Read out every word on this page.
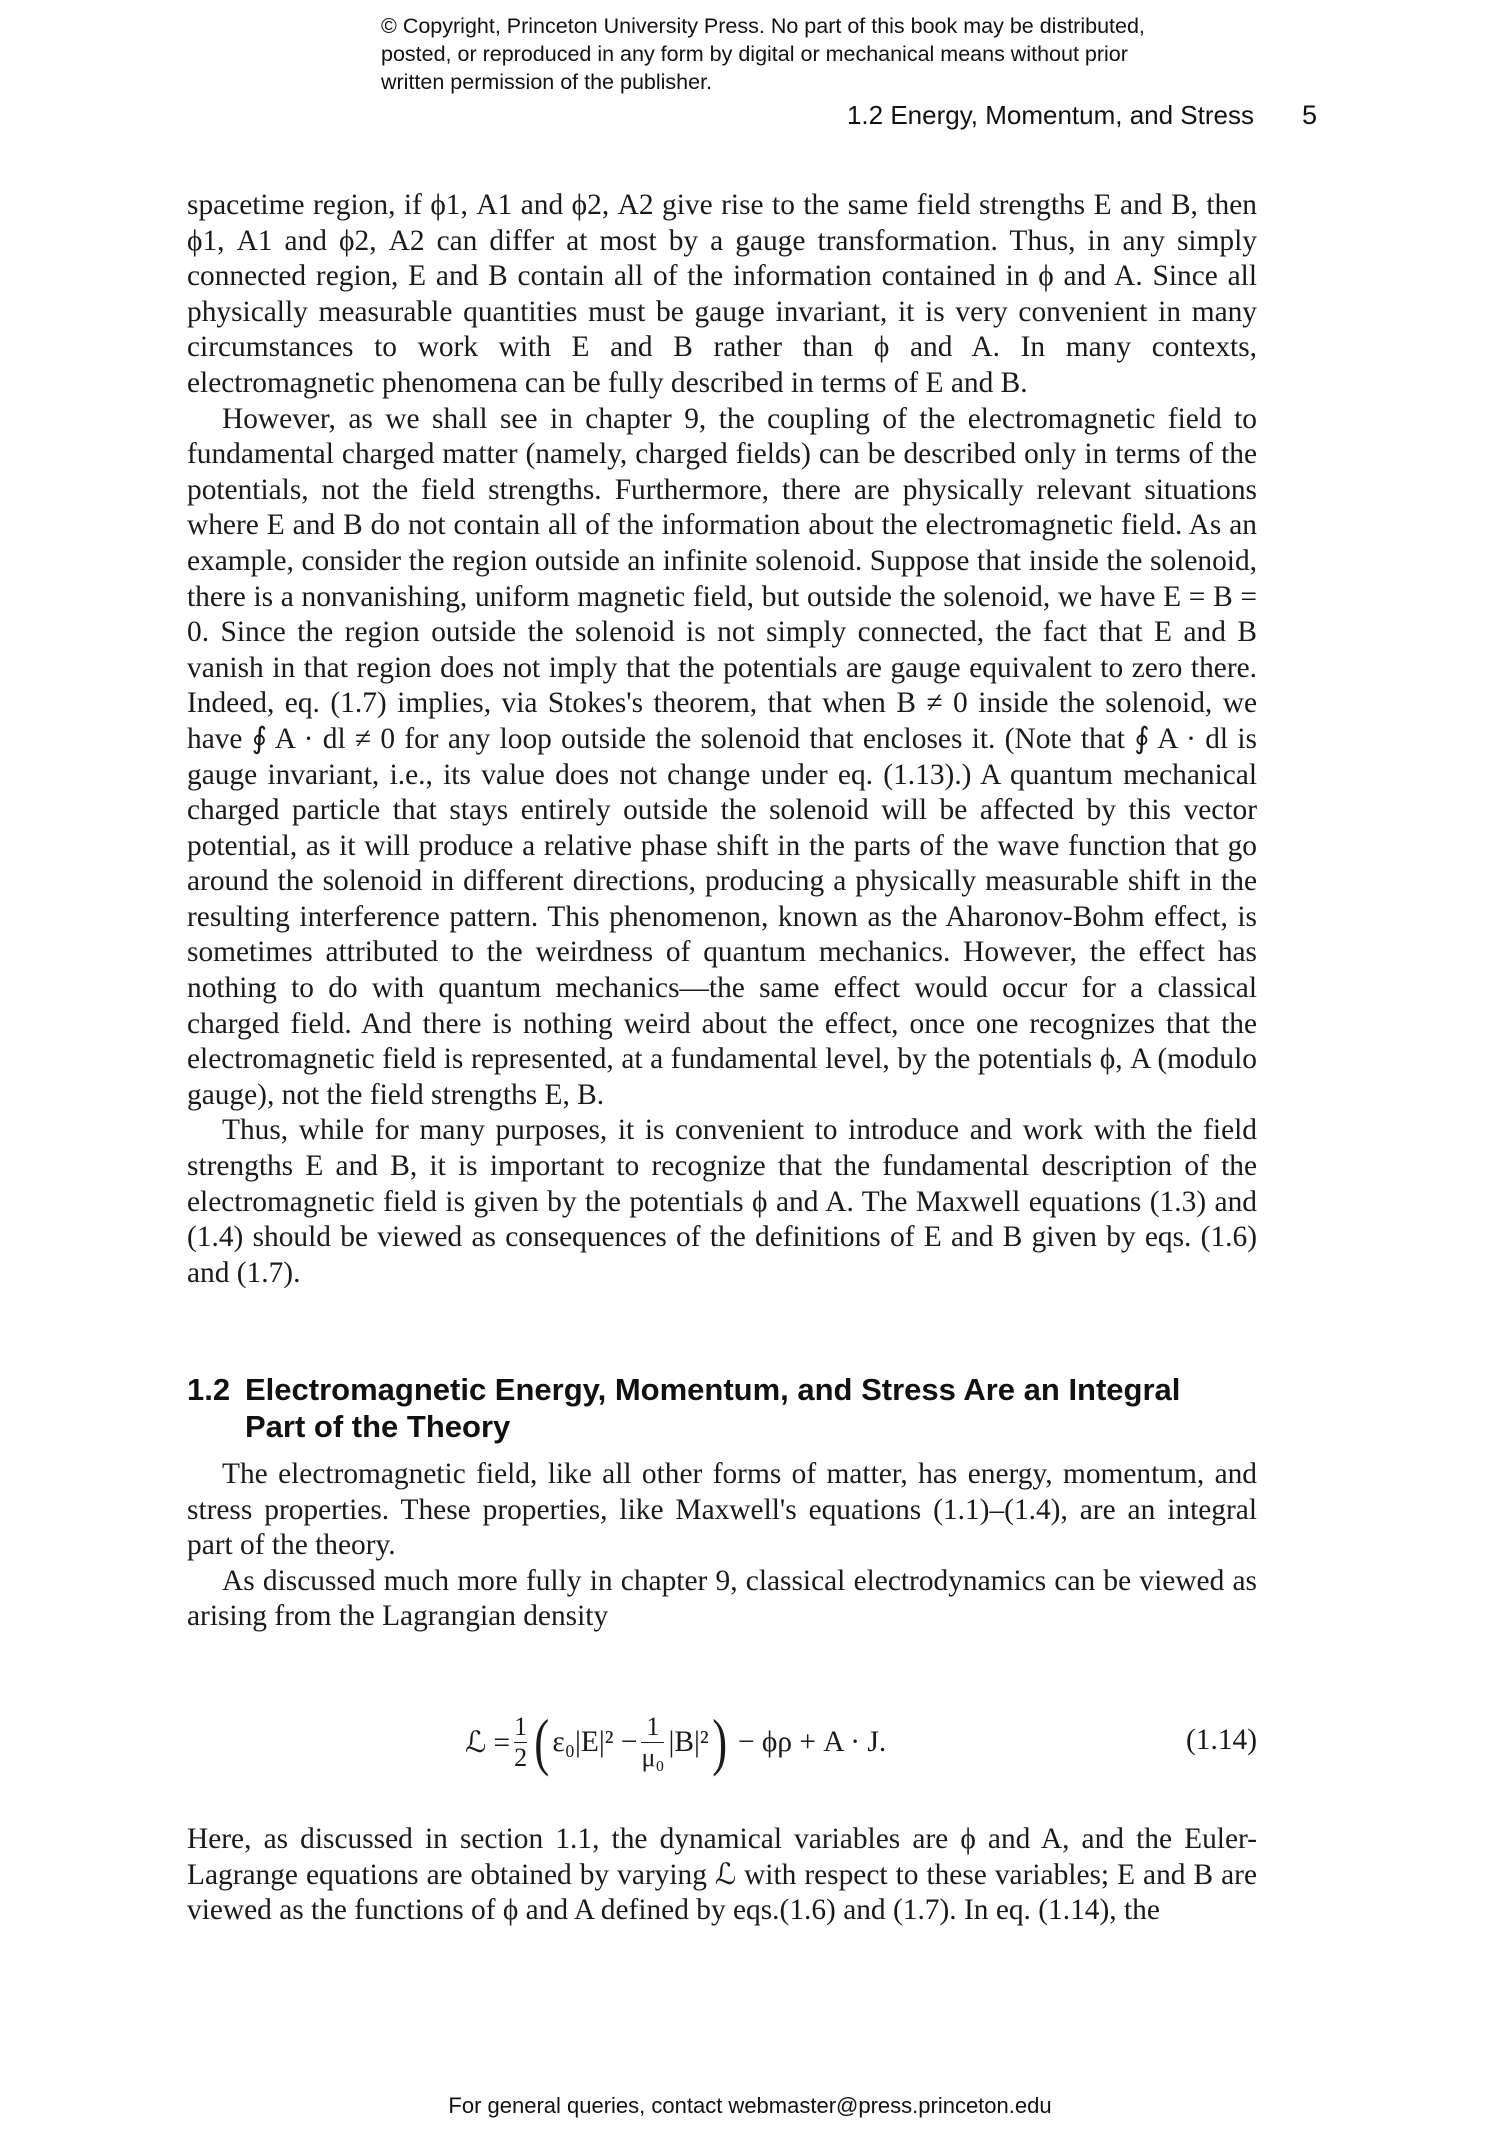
© Copyright, Princeton University Press. No part of this book may be distributed, posted, or reproduced in any form by digital or mechanical means without prior written permission of the publisher.
1.2 Energy, Momentum, and Stress 5

spacetime region, if ϕ1, A1 and ϕ2, A2 give rise to the same field strengths E and B, then ϕ1, A1 and ϕ2, A2 can differ at most by a gauge transformation. Thus, in any simply connected region, E and B contain all of the information contained in ϕ and A. Since all physically measurable quantities must be gauge invariant, it is very convenient in many circumstances to work with E and B rather than ϕ and A. In many contexts, electromagnetic phenomena can be fully described in terms of E and B.

However, as we shall see in chapter 9, the coupling of the electromagnetic field to fundamental charged matter (namely, charged fields) can be described only in terms of the potentials, not the field strengths. Furthermore, there are physically relevant situations where E and B do not contain all of the information about the electromagnetic field. As an example, consider the region outside an infinite solenoid. Suppose that inside the solenoid, there is a nonvanishing, uniform magnetic field, but outside the solenoid, we have E = B = 0. Since the region outside the solenoid is not simply connected, the fact that E and B vanish in that region does not imply that the potentials are gauge equivalent to zero there. Indeed, eq. (1.7) implies, via Stokes's theorem, that when B ≠ 0 inside the solenoid, we have ∮ A · dl ≠ 0 for any loop outside the solenoid that encloses it. (Note that ∮ A · dl is gauge invariant, i.e., its value does not change under eq. (1.13).) A quantum mechanical charged particle that stays entirely outside the solenoid will be affected by this vector potential, as it will produce a relative phase shift in the parts of the wave function that go around the solenoid in different directions, producing a physically measurable shift in the resulting interference pattern. This phenomenon, known as the Aharonov-Bohm effect, is sometimes attributed to the weirdness of quantum mechanics. However, the effect has nothing to do with quantum mechanics—the same effect would occur for a classical charged field. And there is nothing weird about the effect, once one recognizes that the electromagnetic field is represented, at a fundamental level, by the potentials ϕ, A (modulo gauge), not the field strengths E, B.

Thus, while for many purposes, it is convenient to introduce and work with the field strengths E and B, it is important to recognize that the fundamental description of the electromagnetic field is given by the potentials ϕ and A. The Maxwell equations (1.3) and (1.4) should be viewed as consequences of the definitions of E and B given by eqs. (1.6) and (1.7).

1.2 Electromagnetic Energy, Momentum, and Stress Are an Integral
Part of the Theory

The electromagnetic field, like all other forms of matter, has energy, momentum, and stress properties. These properties, like Maxwell's equations (1.1)–(1.4), are an integral part of the theory.

As discussed much more fully in chapter 9, classical electrodynamics can be viewed as arising from the Lagrangian density

ℒ = $\frac{1}{2}$ ( $\varepsilon_0|E|^2 - \frac{1}{\text{μ₀}} |B|^2$ ) − ϕρ + A · J.	(1.14)

Here, as discussed in section 1.1, the dynamical variables are ϕ and A, and the Euler-Lagrange equations are obtained by varying ℒ with respect to these variables; E and B are viewed as the functions of ϕ and A defined by eqs.(1.6) and (1.7). In eq. (1.14), the

For general queries, contact webmaster@press.princeton.edu
